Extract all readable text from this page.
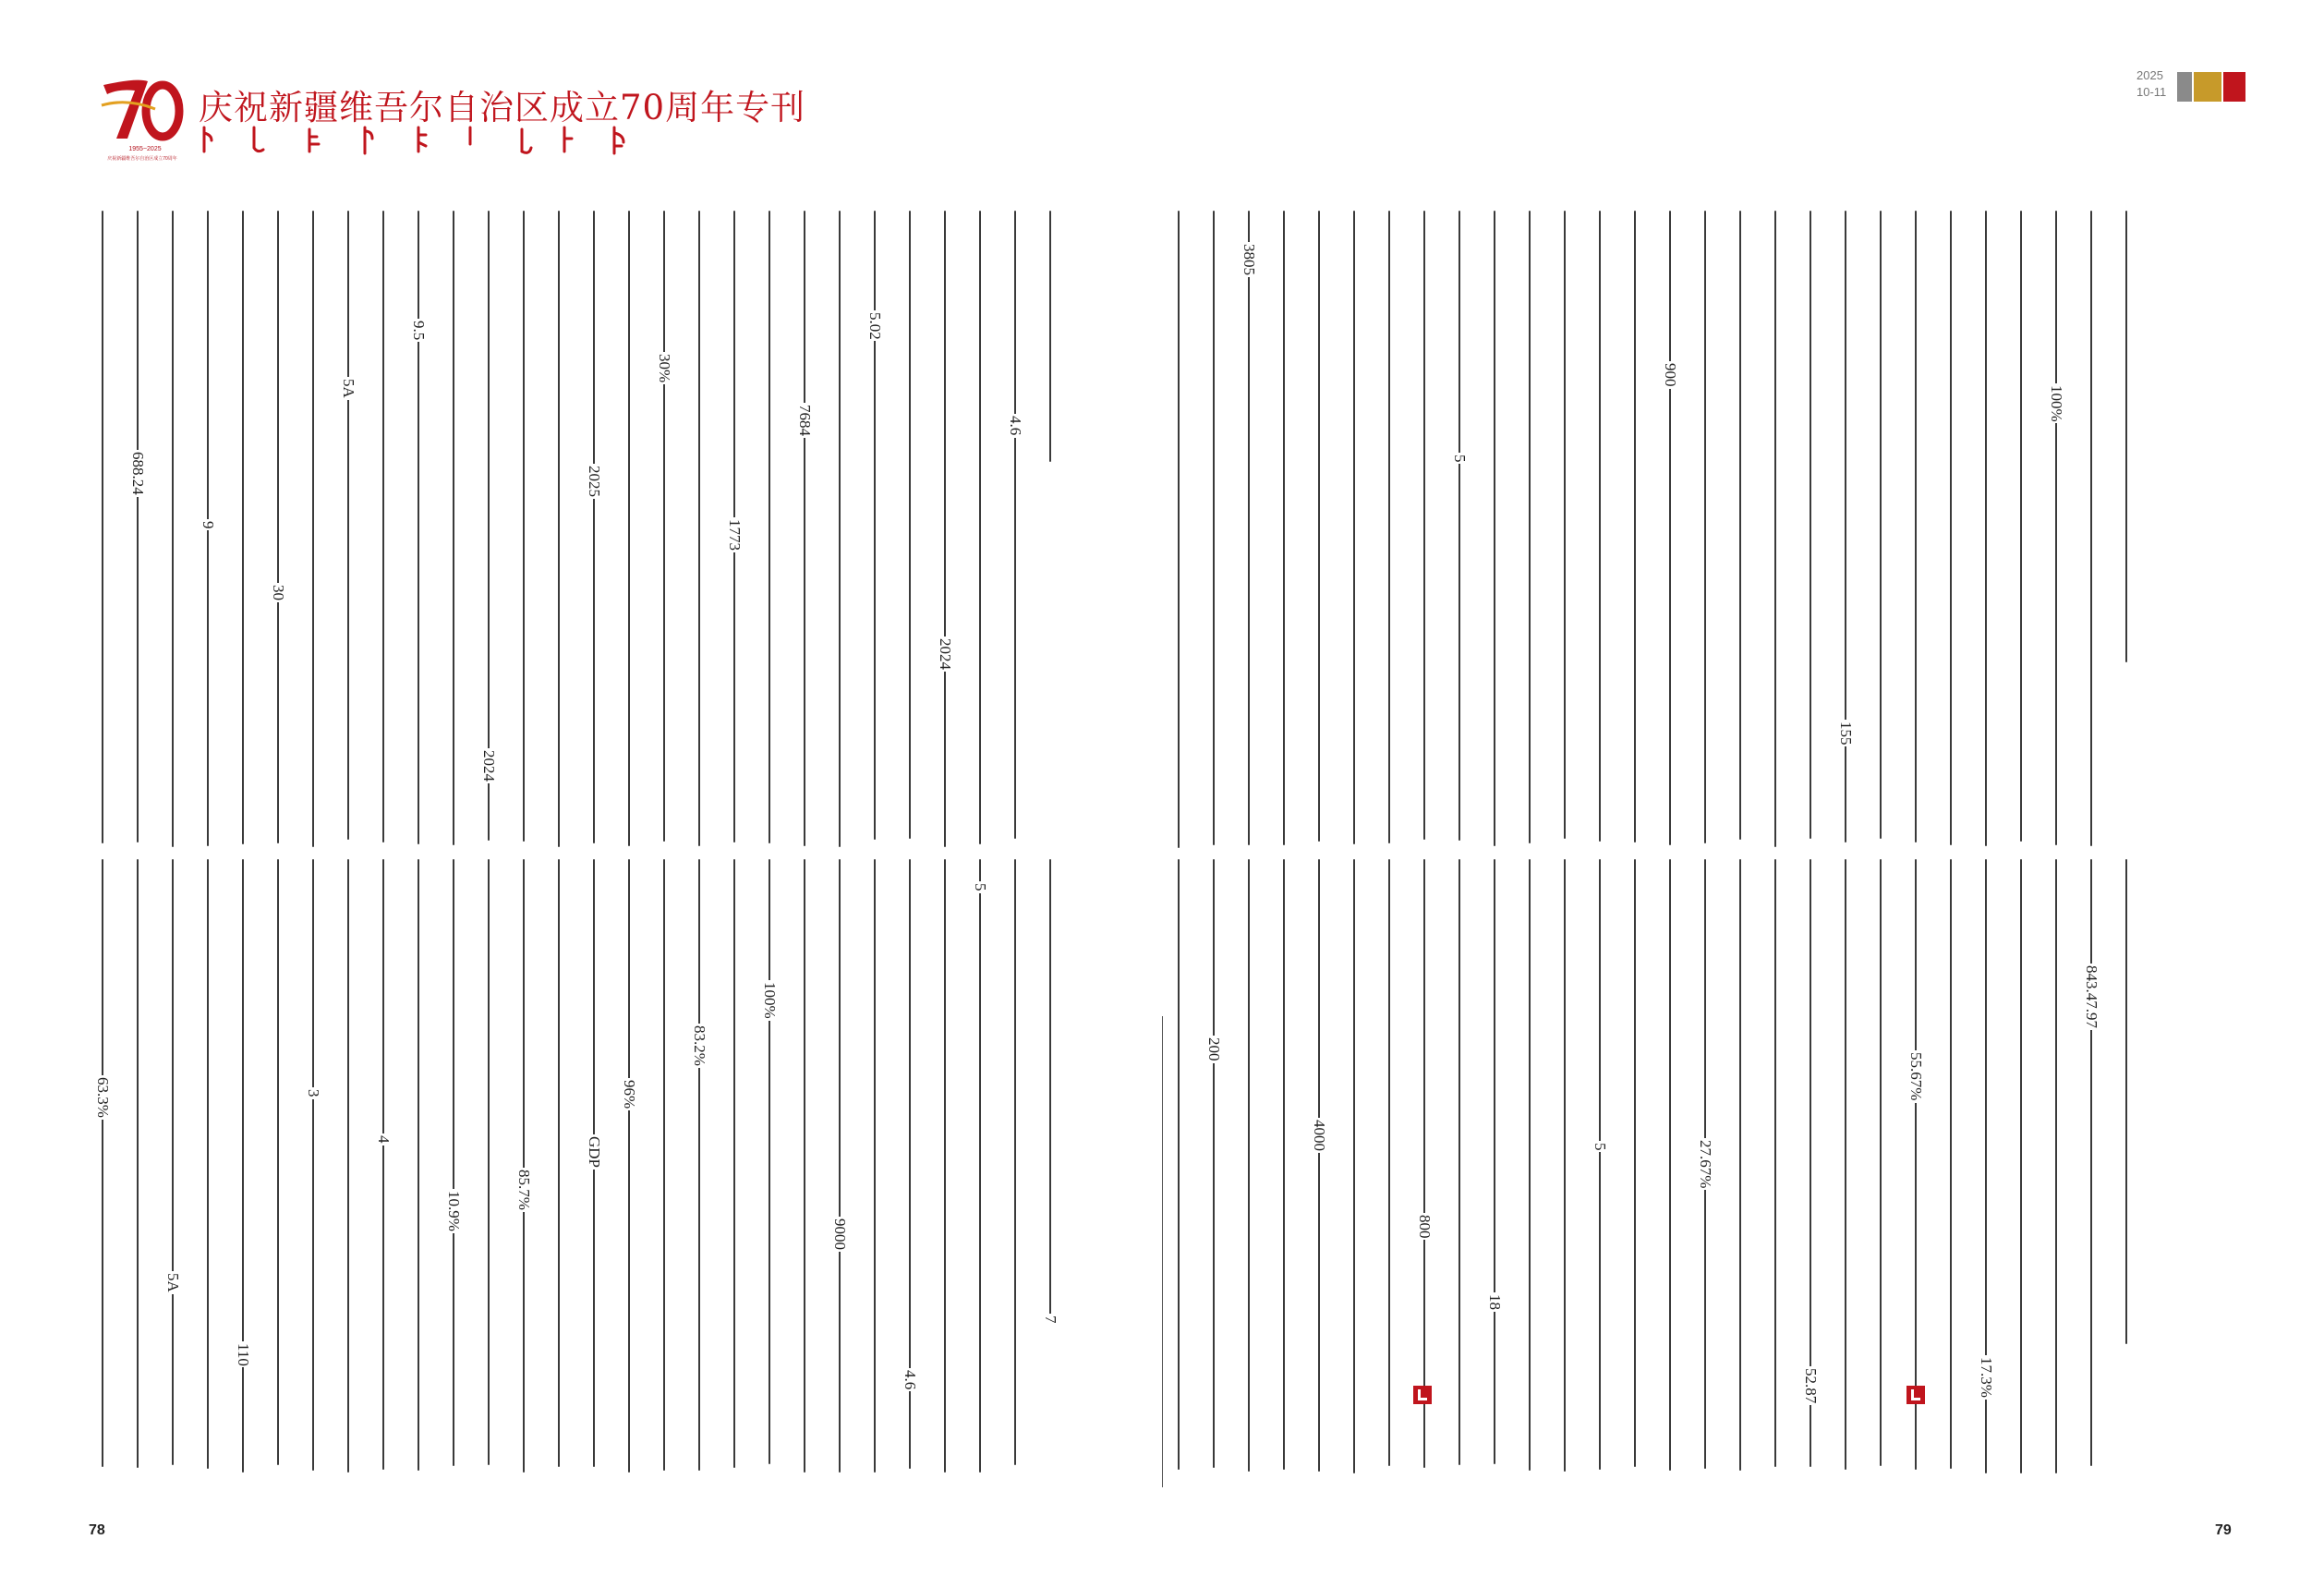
1955~2025
庆祝新疆维吾尔自治区成立70周年
庆祝新疆维吾尔自治区成立70周年专刊
2025
10-11
688.24
9
30
5A
9.5
2024
2025
30%
1773
7684
5.02
2024
4.6
63.3%
5A
110
3
4
10.9%
85.7%
GDP
96%
83.2%
100%
9000
4.6
5
7
3805
5
900
155
100%
200
4000
800
18
5	27.67%
52.87
55.67%
17.3%
843.47.97
78	79
